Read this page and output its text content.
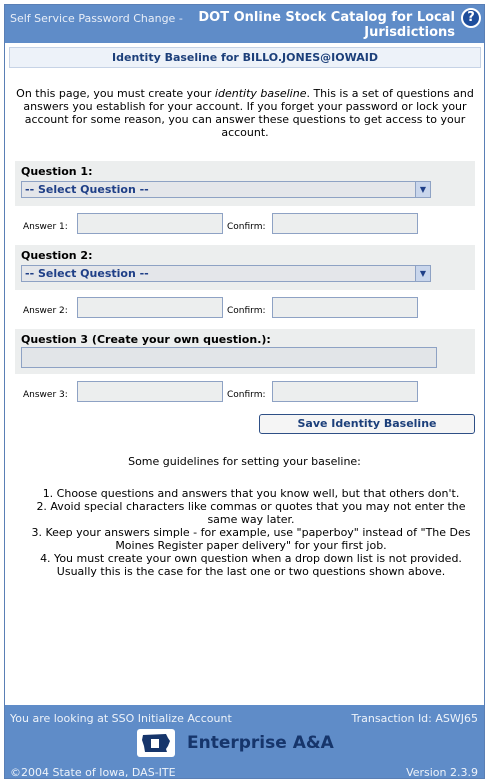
Self Service Password Change -	DOT Online Stock Catalog for Local Jurisdictions
?
Identity Baseline for BILLO.JONES@IOWAID
On this page, you must create your identity baseline. This is a set of questions and answers you establish for your account. If you forget your password or lock your account for some reason, you can answer these questions to get access to your account.
Question 1:
-- Select Question --	▼
Answer 1:	Confirm:
Question 2:
-- Select Question --	▼
Answer 2:	Confirm:
Question 3 (Create your own question.):
Answer 3:	Confirm:
Save Identity Baseline
Some guidelines for setting your baseline:
1. Choose questions and answers that you know well, but that others don't.
2. Avoid special characters like commas or quotes that you may not enter the same way later.
3. Keep your answers simple - for example, use "paperboy" instead of "The Des Moines Register paper delivery" for your first job.
4. You must create your own question when a drop down list is not provided. Usually this is the case for the last one or two questions shown above.
You are looking at SSO Initialize Account	Transaction Id: ASWJ65
Enterprise A&A
©2004 State of Iowa, DAS-ITE	Version 2.3.9
